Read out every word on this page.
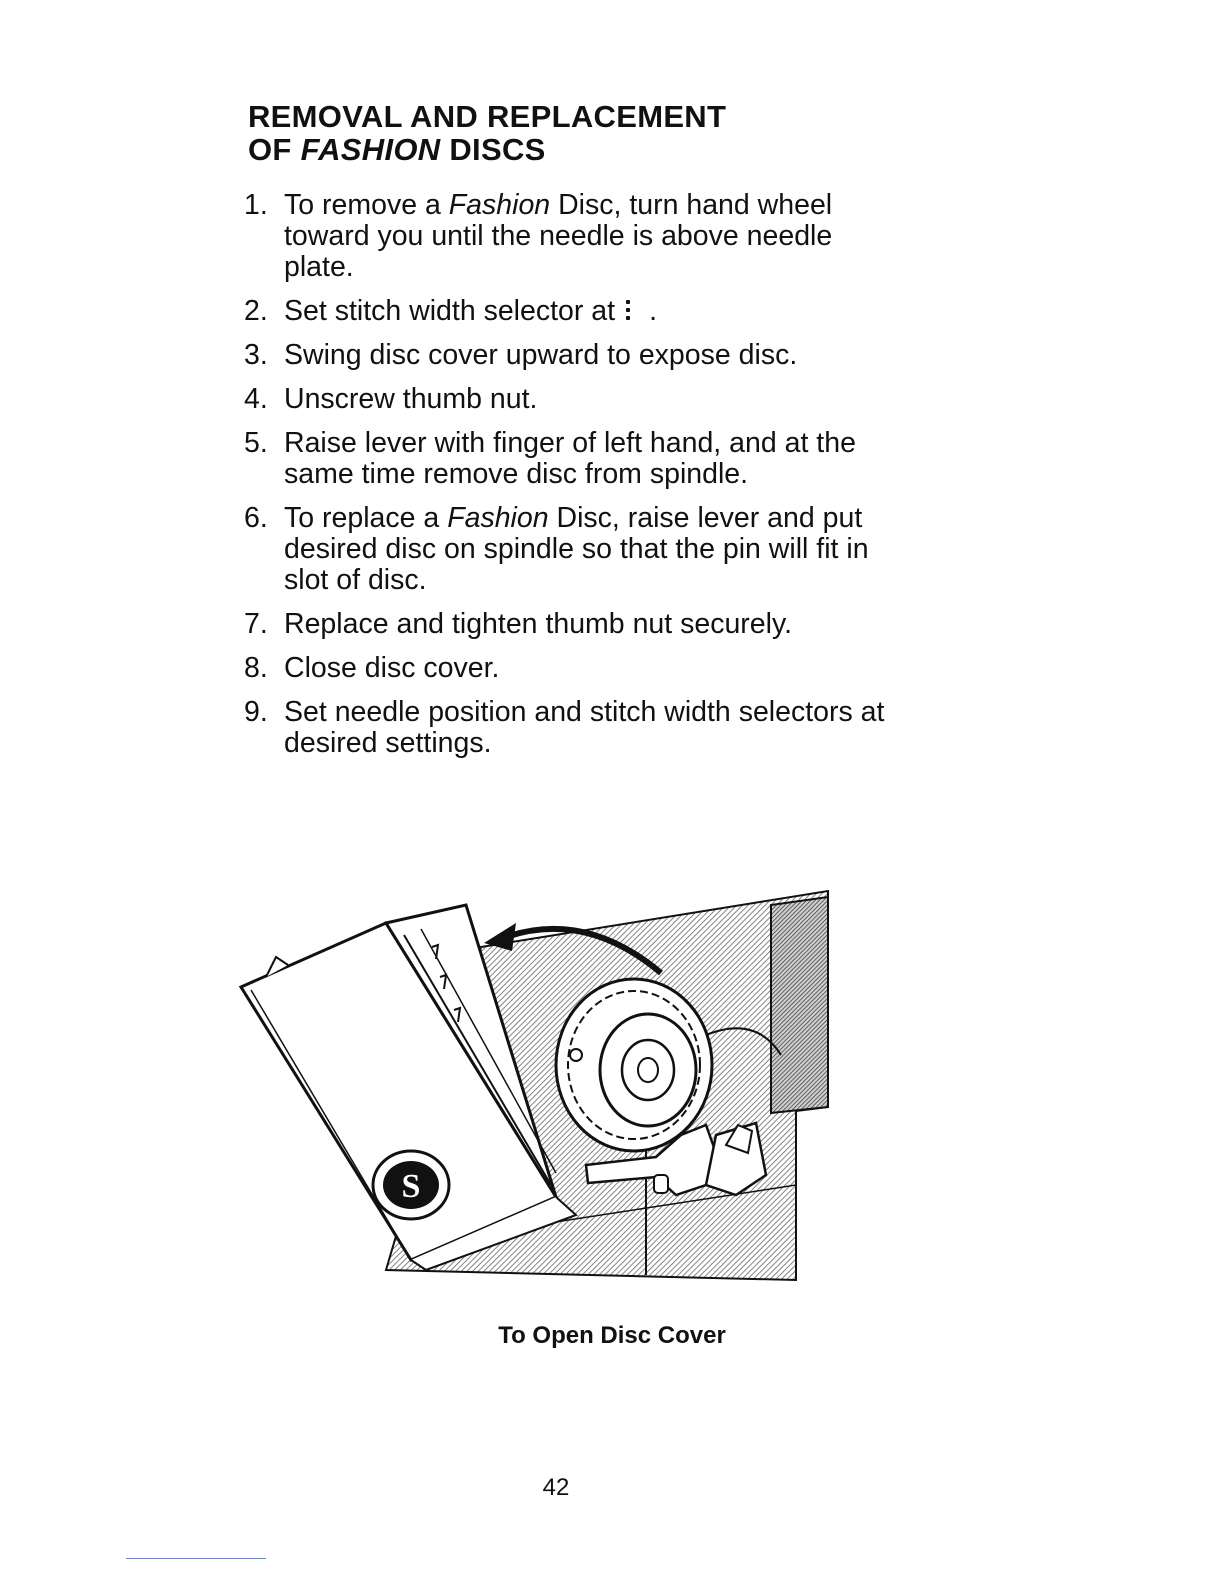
REMOVAL AND REPLACEMENT
OF FASHION DISCS
1. To remove a Fashion Disc, turn hand wheel toward you until the needle is above needle plate.
2. Set stitch width selector at .
3. Swing disc cover upward to expose disc.
4. Unscrew thumb nut.
5. Raise lever with finger of left hand, and at the same time remove disc from spindle.
6. To replace a Fashion Disc, raise lever and put desired disc on spindle so that the pin will fit in slot of disc.
7. Replace and tighten thumb nut securely.
8. Close disc cover.
9. Set needle position and stitch width selectors at desired settings.
S
To Open Disc Cover
42
